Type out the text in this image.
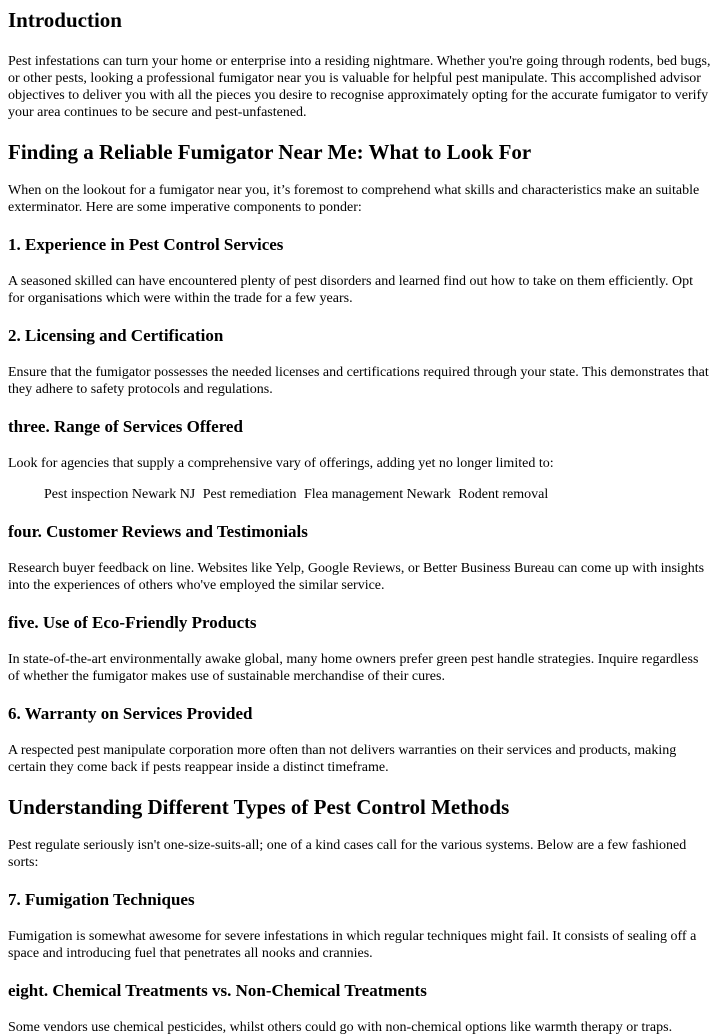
Introduction

Pest infestations can turn your home or enterprise into a residing nightmare. Whether you're going through rodents, bed bugs, or other pests, looking a professional fumigator near you is valuable for helpful pest manipulate. This accomplished advisor objectives to deliver you with all the pieces you desire to recognise approximately opting for the accurate fumigator to verify your area continues to be secure and pest-unfastened.

Finding a Reliable Fumigator Near Me: What to Look For

When on the lookout for a fumigator near you, it’s foremost to comprehend what skills and characteristics make an suitable exterminator. Here are some imperative components to ponder:

1. Experience in Pest Control Services

A seasoned skilled can have encountered plenty of pest disorders and learned find out how to take on them efficiently. Opt for organisations which were within the trade for a few years.

2. Licensing and Certification

Ensure that the fumigator possesses the needed licenses and certifications required through your state. This demonstrates that they adhere to safety protocols and regulations.

three. Range of Services Offered

Look for agencies that supply a comprehensive vary of offerings, adding yet no longer limited to:

Pest inspection Newark NJ Pest remediation Flea management Newark Rodent removal
four. Customer Reviews and Testimonials

Research buyer feedback on line. Websites like Yelp, Google Reviews, or Better Business Bureau can come up with insights into the experiences of others who've employed the similar service.

five. Use of Eco-Friendly Products

In state-of-the-art environmentally awake global, many home owners prefer green pest handle strategies. Inquire regardless of whether the fumigator makes use of sustainable merchandise of their cures.

6. Warranty on Services Provided

A respected pest manipulate corporation more often than not delivers warranties on their services and products, making certain they come back if pests reappear inside a distinct timeframe.

Understanding Different Types of Pest Control Methods

Pest regulate seriously isn't one-size-suits-all; one of a kind cases call for the various systems. Below are a few fashioned sorts:

7. Fumigation Techniques

Fumigation is somewhat awesome for severe infestations in which regular techniques might fail. It consists of sealing off a space and introducing fuel that penetrates all nooks and crannies.

eight. Chemical Treatments vs. Non-Chemical Treatments

Some vendors use chemical pesticides, whilst others could go with non-chemical options like warmth therapy or traps.
